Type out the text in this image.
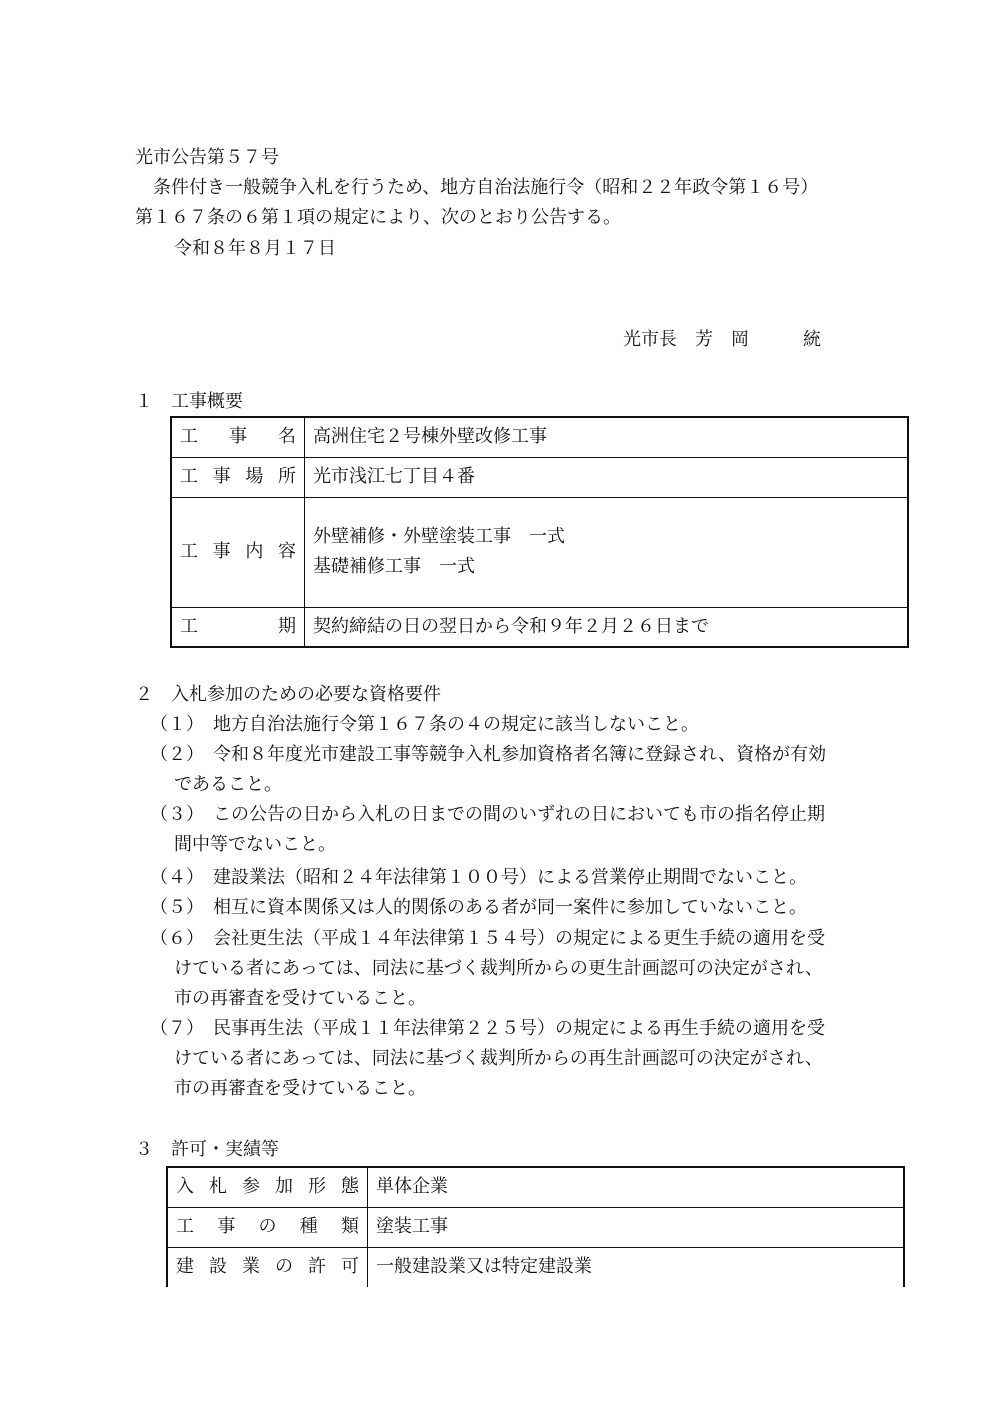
光市公告第５７号
条件付き一般競争入札を行うため、地方自治法施行令（昭和２２年政令第１６号）
第１６７条の６第１項の規定により、次のとおり公告する。
令和８年８月１７日
光市長　芳　岡　　　統
１　工事概要
工事名	高洲住宅２号棟外壁改修工事

工事場所	光市浅江七丁目４番

工事内容	外壁補修・外壁塗装工事　一式
基礎補修工事　一式

工期	契約締結の日の翌日から令和９年２月２６日まで
２　入札参加のための必要な資格要件
（１）　地方自治法施行令第１６７条の４の規定に該当しないこと。
（２）　令和８年度光市建設工事等競争入札参加資格者名簿に登録され、資格が有効
であること。
（３）　この公告の日から入札の日までの間のいずれの日においても市の指名停止期
間中等でないこと。
（４）　建設業法（昭和２４年法律第１００号）による営業停止期間でないこと。
（５）　相互に資本関係又は人的関係のある者が同一案件に参加していないこと。
（６）　会社更生法（平成１４年法律第１５４号）の規定による更生手続の適用を受
けている者にあっては、同法に基づく裁判所からの更生計画認可の決定がされ、
市の再審査を受けていること。
（７）　民事再生法（平成１１年法律第２２５号）の規定による再生手続の適用を受
けている者にあっては、同法に基づく裁判所からの再生計画認可の決定がされ、
市の再審査を受けていること。
３　許可・実績等
入札参加形態	単体企業

工事の種類	塗装工事

建設業の許可	一般建設業又は特定建設業
